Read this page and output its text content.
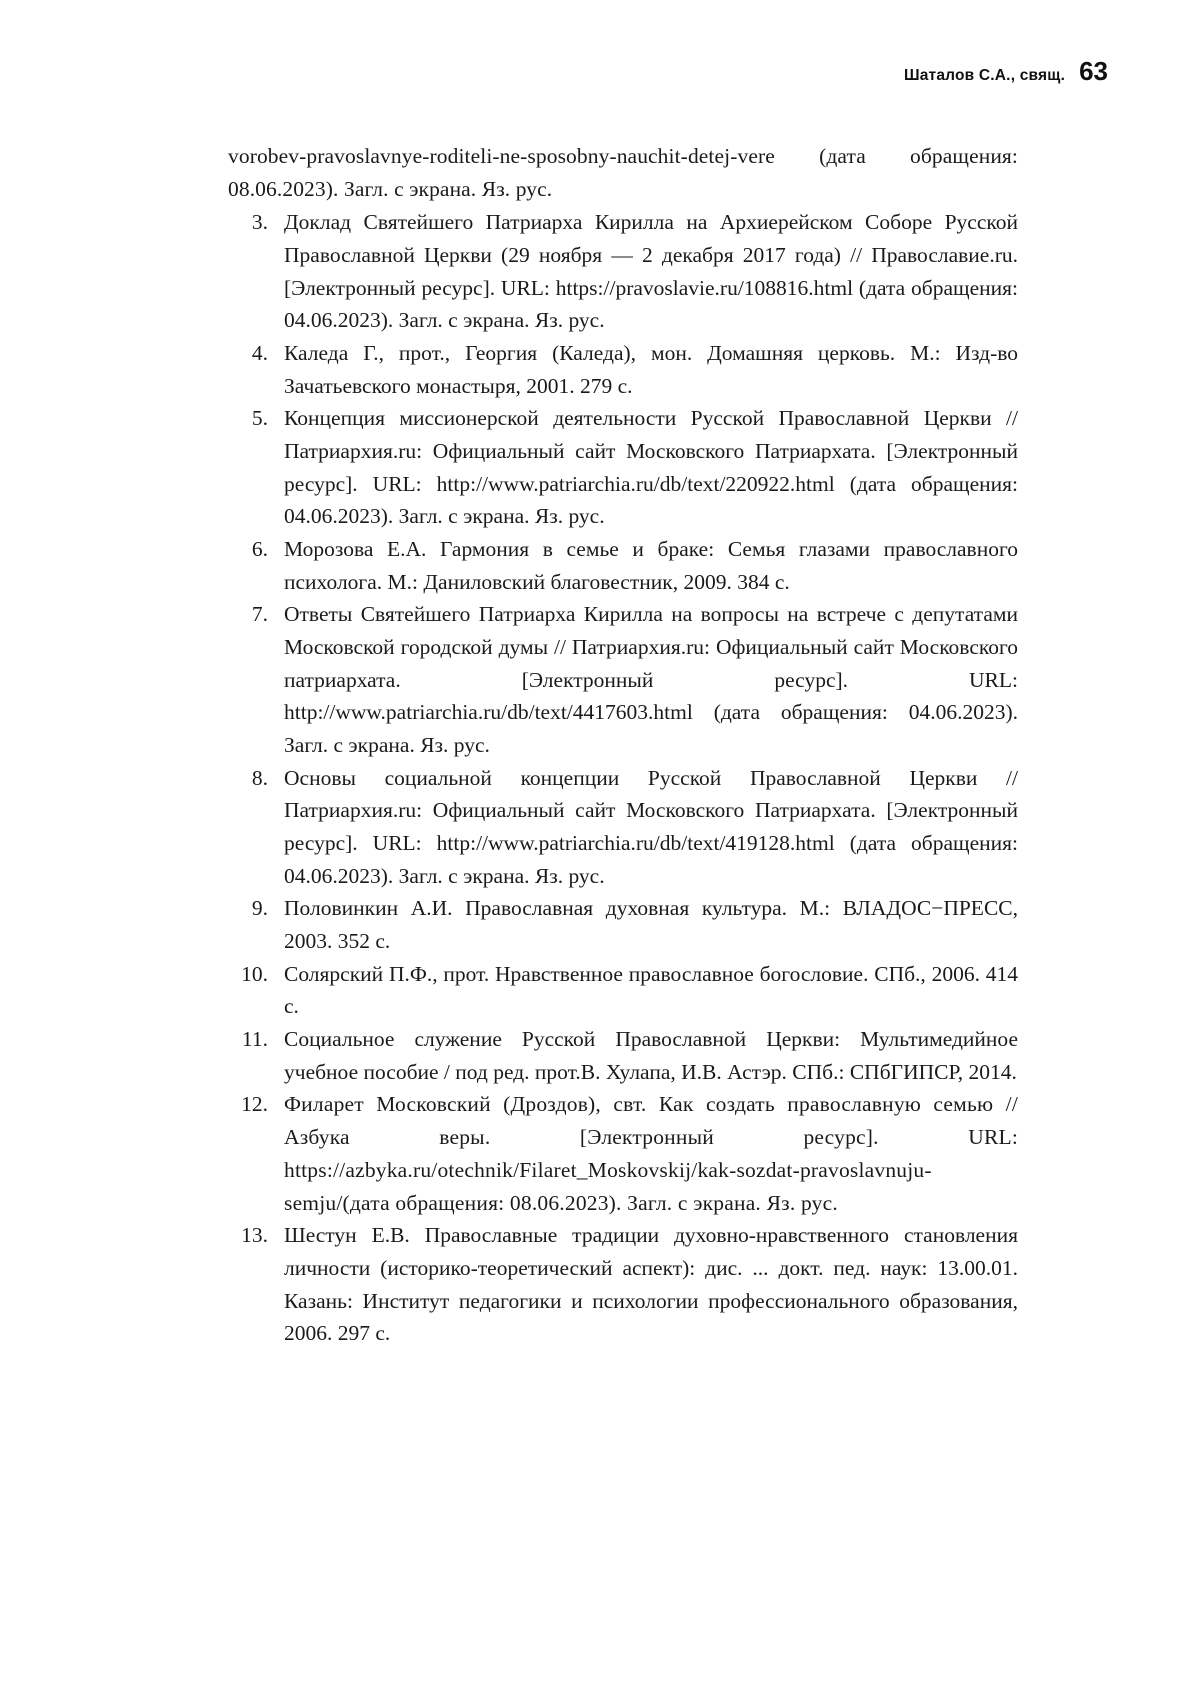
Шаталов С.А., свящ. 63

vorobev-pravoslavnye-roditeli-ne-sposobny-nauchit-detej-vere (дата обращения: 08.06.2023). Загл. с экрана. Яз. рус.

3. Доклад Святейшего Патриарха Кирилла на Архиерейском Соборе Русской Православной Церкви (29 ноября — 2 декабря 2017 года) // Православие.ru. [Электронный ресурс]. URL: https://pravoslavie.ru/108816.html (дата обращения: 04.06.2023). Загл. с экрана. Яз. рус.
4. Каледа Г., прот., Георгия (Каледа), мон. Домашняя церковь. М.: Изд-во Зачатьевского монастыря, 2001. 279 с.
5. Концепция миссионерской деятельности Русской Православной Церкви // Патриархия.ru: Официальный сайт Московского Патриархата. [Электронный ресурс]. URL: http://www.patriarchia.ru/db/text/220922.html (дата обращения: 04.06.2023). Загл. с экрана. Яз. рус.
6. Морозова Е.А. Гармония в семье и браке: Семья глазами православного психолога. М.: Даниловский благовестник, 2009. 384 с.
7. Ответы Святейшего Патриарха Кирилла на вопросы на встрече с депутатами Московской городской думы // Патриархия.ru: Официальный сайт Московского патриархата. [Электронный ресурс]. URL: http://www.patriarchia.ru/db/text/4417603.html (дата обращения: 04.06.2023). Загл. с экрана. Яз. рус.
8. Основы социальной концепции Русской Православной Церкви // Патриархия.ru: Официальный сайт Московского Патриархата. [Электронный ресурс]. URL: http://www.patriarchia.ru/db/text/419128.html (дата обращения: 04.06.2023). Загл. с экрана. Яз. рус.
9. Половинкин А.И. Православная духовная культура. М.: ВЛАДОС−ПРЕСС, 2003. 352 с.
10. Солярский П.Ф., прот. Нравственное православное богословие. СПб., 2006. 414 с.
11. Социальное служение Русской Православной Церкви: Мультимедийное учебное пособие / под ред. прот.В. Хулапа, И.В. Астэр. СПб.: СПбГИПСР, 2014.
12. Филарет Московский (Дроздов), свт. Как создать православную семью // Азбука веры. [Электронный ресурс]. URL: https://azbyka.ru/otechnik/Filaret_Moskovskij/kak-sozdat-pravoslavnuju-semju/(дата обращения: 08.06.2023). Загл. с экрана. Яз. рус.
13. Шестун Е.В. Православные традиции духовно-нравственного становления личности (историко-теоретический аспект): дис. ... докт. пед. наук: 13.00.01. Казань: Институт педагогики и психологии профессионального образования, 2006. 297 с.
